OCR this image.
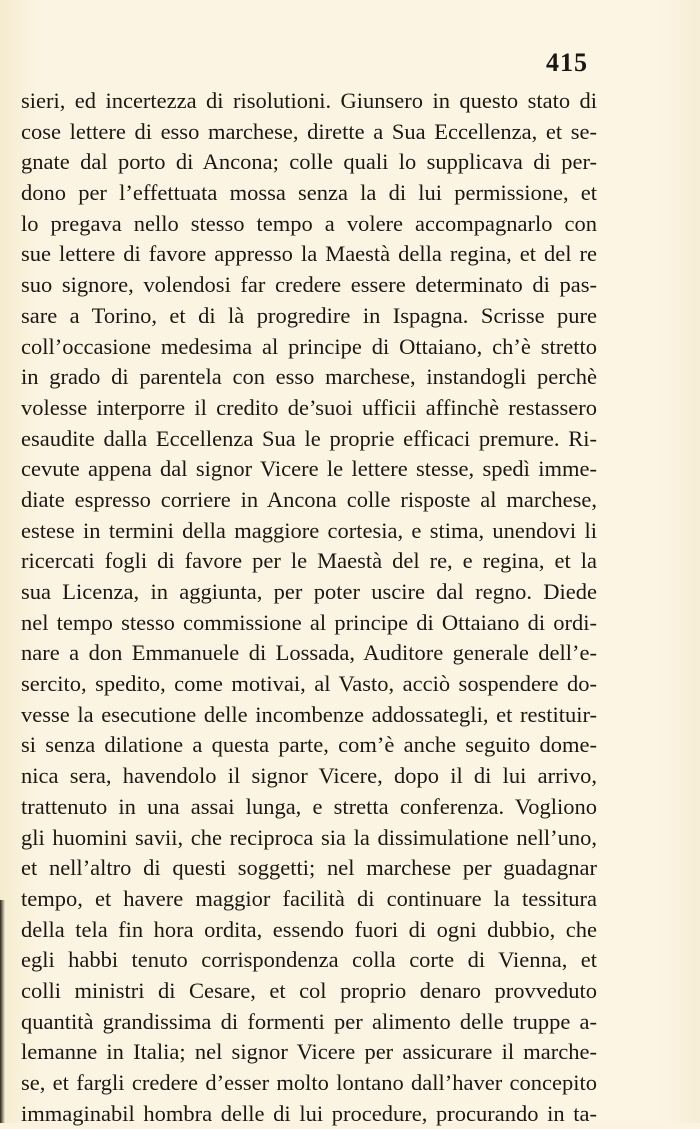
415
sieri, ed incertezza di risolutioni. Giunsero in questo stato di
cose lettere di esso marchese, dirette a Sua Eccellenza, et se-
gnate dal porto di Ancona; colle quali lo supplicava di per-
dono per l’effettuata mossa senza la di lui permissione, et
lo pregava nello stesso tempo a volere accompagnarlo con
sue lettere di favore appresso la Maestà della regina, et del re
suo signore, volendosi far credere essere determinato di pas-
sare a Torino, et di là progredire in Ispagna. Scrisse pure
coll’occasione medesima al principe di Ottaiano, ch’è stretto
in grado di parentela con esso marchese, instandogli perchè
volesse interporre il credito de’suoi ufficii affinchè restassero
esaudite dalla Eccellenza Sua le proprie efficaci premure. Ri-
cevute appena dal signor Vicere le lettere stesse, spedì imme-
diate espresso corriere in Ancona colle risposte al marchese,
estese in termini della maggiore cortesia, e stima, unendovi li
ricercati fogli di favore per le Maestà del re, e regina, et la
sua Licenza, in aggiunta, per poter uscire dal regno. Diede
nel tempo stesso commissione al principe di Ottaiano di ordi-
nare a don Emmanuele di Lossada, Auditore generale dell’e-
sercito, spedito, come motivai, al Vasto, acciò sospendere do-
vesse la esecutione delle incombenze addossategli, et restituir-
si senza dilatione a questa parte, com’è anche seguito dome-
nica sera, havendolo il signor Vicere, dopo il di lui arrivo,
trattenuto in una assai lunga, e stretta conferenza. Vogliono
gli huomini savii, che reciproca sia la dissimulatione nell’uno,
et nell’altro di questi soggetti; nel marchese per guadagnar
tempo, et havere maggior facilità di continuare la tessitura
della tela fin hora ordita, essendo fuori di ogni dubbio, che
egli habbi tenuto corrispondenza colla corte di Vienna, et
colli ministri di Cesare, et col proprio denaro provveduto
quantità grandissima di formenti per alimento delle truppe a-
lemanne in Italia; nel signor Vicere per assicurare il marche-
se, et fargli credere d’esser molto lontano dall’haver concepito
immaginabil hombra delle di lui procedure, procurando in ta-
